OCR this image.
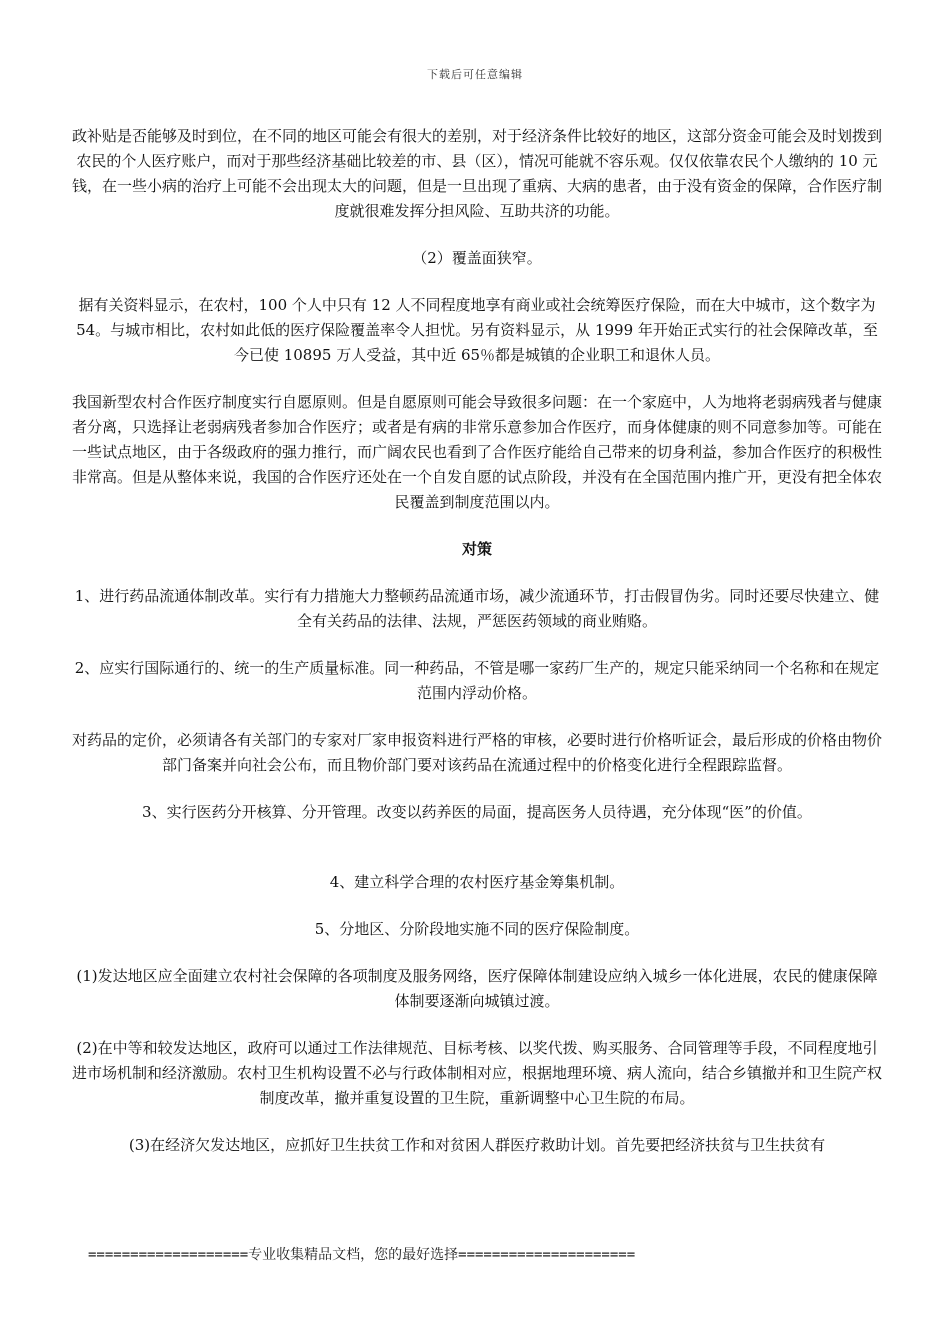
下载后可任意编辑

政补贴是否能够及时到位，在不同的地区可能会有很大的差别，对于经济条件比较好的地区，这部分资金可能会及时划拨到农民的个人医疗账户，而对于那些经济基础比较差的市、县（区），情况可能就不容乐观。仅仅依靠农民个人缴纳的 10 元钱，在一些小病的治疗上可能不会出现太大的问题，但是一旦出现了重病、大病的患者，由于没有资金的保障，合作医疗制度就很难发挥分担风险、互助共济的功能。

（2）覆盖面狭窄。

据有关资料显示，在农村，100 个人中只有 12 人不同程度地享有商业或社会统筹医疗保险，而在大中城市，这个数字为 54。与城市相比，农村如此低的医疗保险覆盖率令人担忧。另有资料显示，从 1999 年开始正式实行的社会保障改革，至今已使 10895 万人受益，其中近 65％都是城镇的企业职工和退休人员。

我国新型农村合作医疗制度实行自愿原则。但是自愿原则可能会导致很多问题：在一个家庭中，人为地将老弱病残者与健康者分离，只选择让老弱病残者参加合作医疗；或者是有病的非常乐意参加合作医疗，而身体健康的则不同意参加等。可能在一些试点地区，由于各级政府的强力推行，而广阔农民也看到了合作医疗能给自己带来的切身利益，参加合作医疗的积极性非常高。但是从整体来说，我国的合作医疗还处在一个自发自愿的试点阶段，并没有在全国范围内推广开，更没有把全体农民覆盖到制度范围以内。

对策

1、进行药品流通体制改革。实行有力措施大力整顿药品流通市场，减少流通环节，打击假冒伪劣。同时还要尽快建立、健全有关药品的法律、法规，严惩医药领域的商业贿赂。

2、应实行国际通行的、统一的生产质量标准。同一种药品，不管是哪一家药厂生产的，规定只能采纳同一个名称和在规定范围内浮动价格。

对药品的定价，必须请各有关部门的专家对厂家申报资料进行严格的审核，必要时进行价格听证会，最后形成的价格由物价部门备案并向社会公布，而且物价部门要对该药品在流通过程中的价格变化进行全程跟踪监督。

3、实行医药分开核算、分开管理。改变以药养医的局面，提高医务人员待遇，充分体现“医”的价值。

4、建立科学合理的农村医疗基金筹集机制。

5、分地区、分阶段地实施不同的医疗保险制度。

(1)发达地区应全面建立农村社会保障的各项制度及服务网络，医疗保障体制建设应纳入城乡一体化进展，农民的健康保障体制要逐渐向城镇过渡。

(2)在中等和较发达地区，政府可以通过工作法律规范、目标考核、以奖代拨、购买服务、合同管理等手段，不同程度地引进市场机制和经济激励。农村卫生机构设置不必与行政体制相对应，根据地理环境、病人流向，结合乡镇撤并和卫生院产权制度改革，撤并重复设置的卫生院，重新调整中心卫生院的布局。

(3)在经济欠发达地区，应抓好卫生扶贫工作和对贫困人群医疗救助计划。首先要把经济扶贫与卫生扶贫有

===================专业收集精品文档，您的最好选择=====================
